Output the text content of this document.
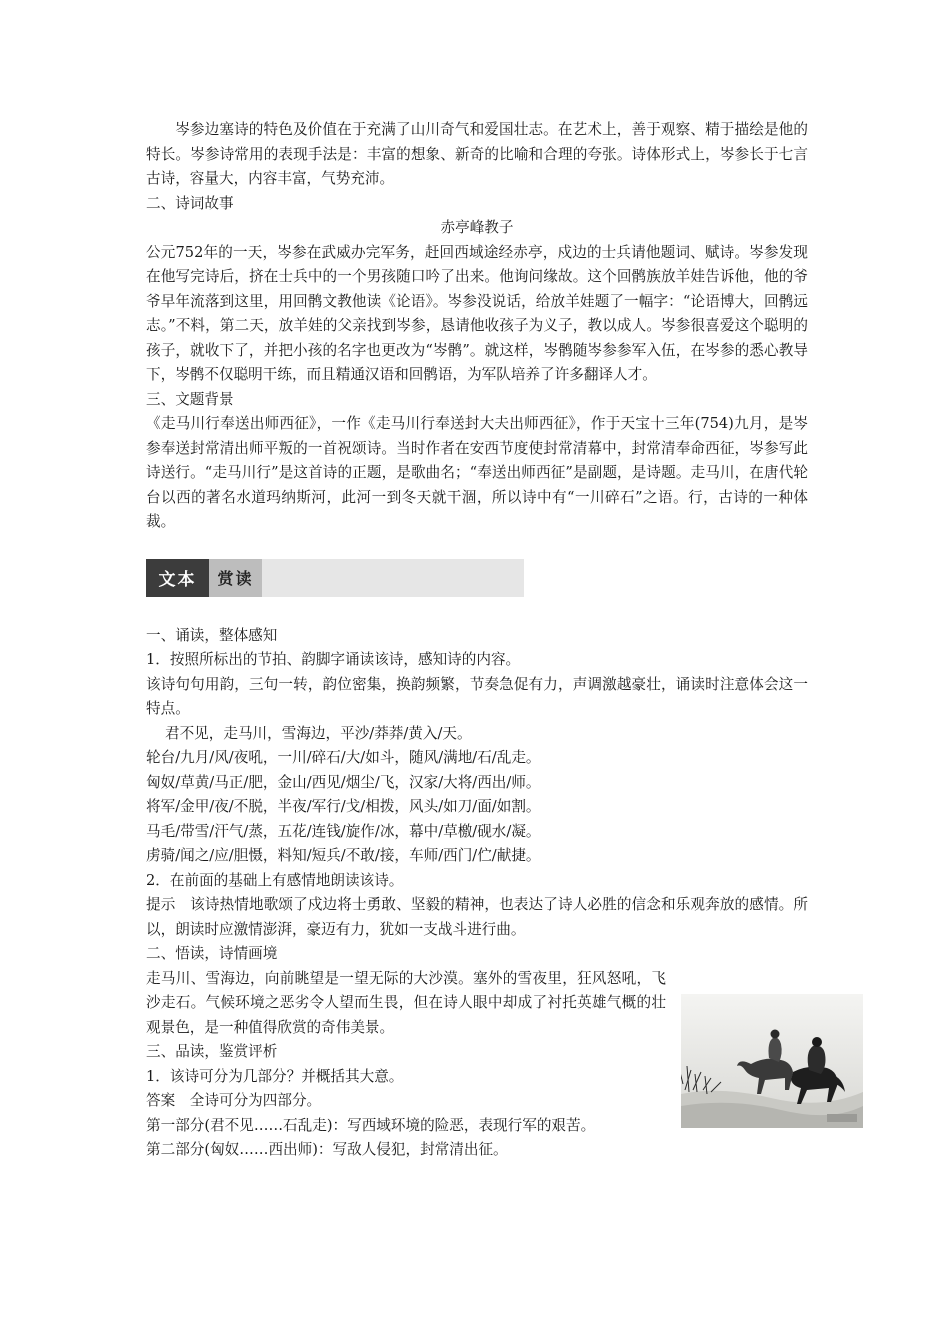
岑参边塞诗的特色及价值在于充满了山川奇气和爱国壮志。在艺术上，善于观察、精于描绘是他的特长。岑参诗常用的表现手法是：丰富的想象、新奇的比喻和合理的夸张。诗体形式上，岑参长于七言古诗，容量大，内容丰富，气势充沛。

二、诗词故事

赤亭峰教子

公元752年的一天，岑参在武威办完军务，赶回西域途经赤亭，戍边的士兵请他题词、赋诗。岑参发现在他写完诗后，挤在士兵中的一个男孩随口吟了出来。他询问缘故。这个回鹘族放羊娃告诉他，他的爷爷早年流落到这里，用回鹘文教他读《论语》。岑参没说话，给放羊娃题了一幅字：“论语博大，回鹘远志。”不料，第二天，放羊娃的父亲找到岑参，恳请他收孩子为义子，教以成人。岑参很喜爱这个聪明的孩子，就收下了，并把小孩的名字也更改为“岑鹘”。就这样，岑鹘随岑参参军入伍，在岑参的悉心教导下，岑鹘不仅聪明干练，而且精通汉语和回鹘语，为军队培养了许多翻译人才。

三、文题背景

《走马川行奉送出师西征》，一作《走马川行奉送封大夫出师西征》，作于天宝十三年(754)九月，是岑参奉送封常清出师平叛的一首祝颂诗。当时作者在安西节度使封常清幕中，封常清奉命西征，岑参写此诗送行。“走马川行”是这首诗的正题，是歌曲名；“奉送出师西征”是副题，是诗题。走马川，在唐代轮台以西的著名水道玛纳斯河，此河一到冬天就干涸，所以诗中有“一川碎石”之语。行，古诗的一种体裁。

文本	赏读

一、诵读，整体感知

1．按照所标出的节拍、韵脚字诵读该诗，感知诗的内容。

该诗句句用韵，三句一转，韵位密集，换韵频繁，节奏急促有力，声调激越豪壮，诵读时注意体会这一特点。

君不见，走马川，雪海边，平沙/莽莽/黄入/天。

轮台/九月/风/夜吼，一川/碎石/大/如斗，随风/满地/石/乱走。

匈奴/草黄/马正/肥，金山/西见/烟尘/飞，汉家/大将/西出/师。

将军/金甲/夜/不脱，半夜/军行/戈/相拨，风头/如刀/面/如割。

马毛/带雪/汗气/蒸，五花/连钱/旋作/冰，幕中/草檄/砚水/凝。

虏骑/闻之/应/胆慑，料知/短兵/不敢/接，车师/西门/伫/献捷。

2．在前面的基础上有感情地朗读该诗。

提示　该诗热情地歌颂了戍边将士勇敢、坚毅的精神，也表达了诗人必胜的信念和乐观奔放的感情。所以，朗读时应激情澎湃，豪迈有力，犹如一支战斗进行曲。

二、悟读，诗情画境

走马川、雪海边，向前眺望是一望无际的大沙漠。塞外的雪夜里，狂风怒吼，飞沙走石。气候环境之恶劣令人望而生畏，但在诗人眼中却成了衬托英雄气概的壮观景色，是一种值得欣赏的奇伟美景。

三、品读，鉴赏评析

1．该诗可分为几部分？并概括其大意。

答案　全诗可分为四部分。

第一部分(君不见……石乱走)：写西域环境的险恶，表现行军的艰苦。

第二部分(匈奴……西出师)：写敌人侵犯，封常清出征。
